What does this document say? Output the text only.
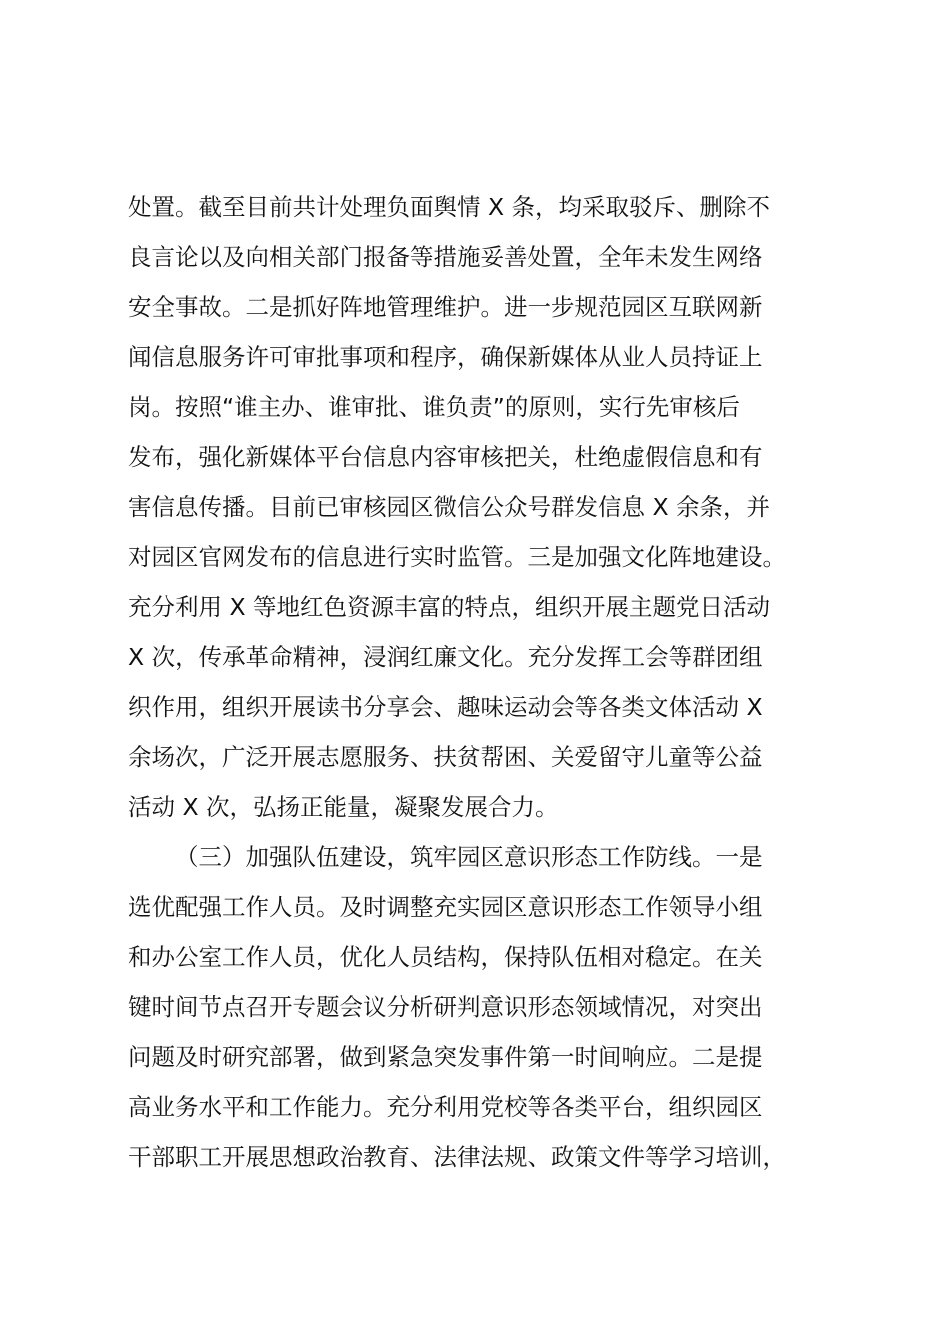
处置。截至目前共计处理负面舆情 X 条，均采取驳斥、删除不
良言论以及向相关部门报备等措施妥善处置，全年未发生网络
安全事故。二是抓好阵地管理维护。进一步规范园区互联网新
闻信息服务许可审批事项和程序，确保新媒体从业人员持证上
岗。按照“谁主办、谁审批、谁负责”的原则，实行先审核后
发布，强化新媒体平台信息内容审核把关，杜绝虚假信息和有
害信息传播。目前已审核园区微信公众号群发信息 X 余条，并
对园区官网发布的信息进行实时监管。三是加强文化阵地建设。
充分利用 X 等地红色资源丰富的特点，组织开展主题党日活动
X 次，传承革命精神，浸润红廉文化。充分发挥工会等群团组
织作用，组织开展读书分享会、趣味运动会等各类文体活动 X
余场次，广泛开展志愿服务、扶贫帮困、关爱留守儿童等公益
活动 X 次，弘扬正能量，凝聚发展合力。
（三）加强队伍建设，筑牢园区意识形态工作防线。一是
选优配强工作人员。及时调整充实园区意识形态工作领导小组
和办公室工作人员，优化人员结构，保持队伍相对稳定。在关
键时间节点召开专题会议分析研判意识形态领域情况，对突出
问题及时研究部署，做到紧急突发事件第一时间响应。二是提
高业务水平和工作能力。充分利用党校等各类平台，组织园区
干部职工开展思想政治教育、法律法规、政策文件等学习培训，
